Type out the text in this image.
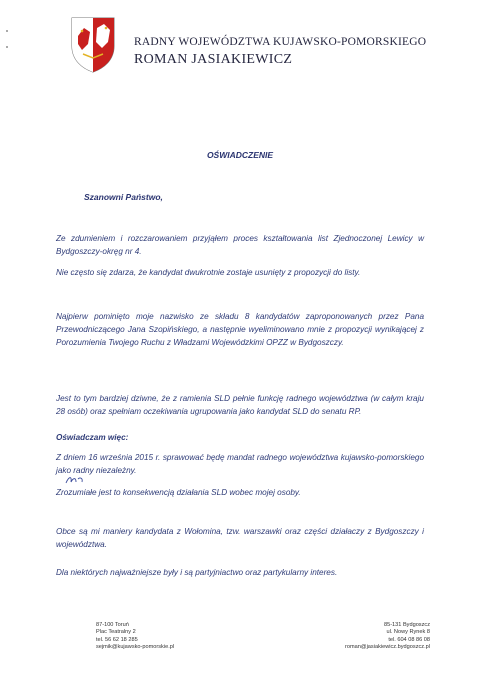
RADNY WOJEWÓDZTWA KUJAWSKO-POMORSKIEGO
ROMAN JASIAKIEWICZ
OŚWIADCZENIE
Szanowni Państwo,
Ze zdumieniem i rozczarowaniem przyjąłem proces kształtowania list Zjednoczonej Lewicy w Bydgoszczy-okręg nr 4.
Nie często się zdarza, że kandydat dwukrotnie zostaje usunięty z propozycji do listy.
Najpierw pominięto moje nazwisko ze składu 8 kandydatów zaproponowanych przez Pana Przewodniczącego Jana Szopińskiego, a następnie wyeliminowano mnie z propozycji wynikającej z Porozumienia Twojego Ruchu z Władzami Wojewódzkimi OPZZ w Bydgoszczy.
Jest to tym bardziej dziwne, że z ramienia SLD pełnie funkcję radnego województwa (w całym kraju 28 osób) oraz spełniam oczekiwania ugrupowania jako kandydat SLD do senatu RP.
Oświadczam więc:
Z dniem 16 września 2015 r. sprawować będę mandat radnego województwa kujawsko-pomorskiego jako radny niezależny.
Zrozumiałe jest to konsekwencją działania SLD wobec mojej osoby.
Obce są mi maniery kandydata z Wołomina, tzw. warszawki oraz części działaczy z Bydgoszczy i województwa.
Dla niektórych najważniejsze były i są partyjniactwo oraz partykularny interes.
87-100 Toruń
Plac Teatralny 2
tel. 56 62 18 285
sejmik@kujawsko-pomorskie.pl
85-131 Bydgoszcz
ul. Nowy Rynek 8
tel. 604 08 86 08
roman@jasiakiewicz.bydgoszcz.pl
